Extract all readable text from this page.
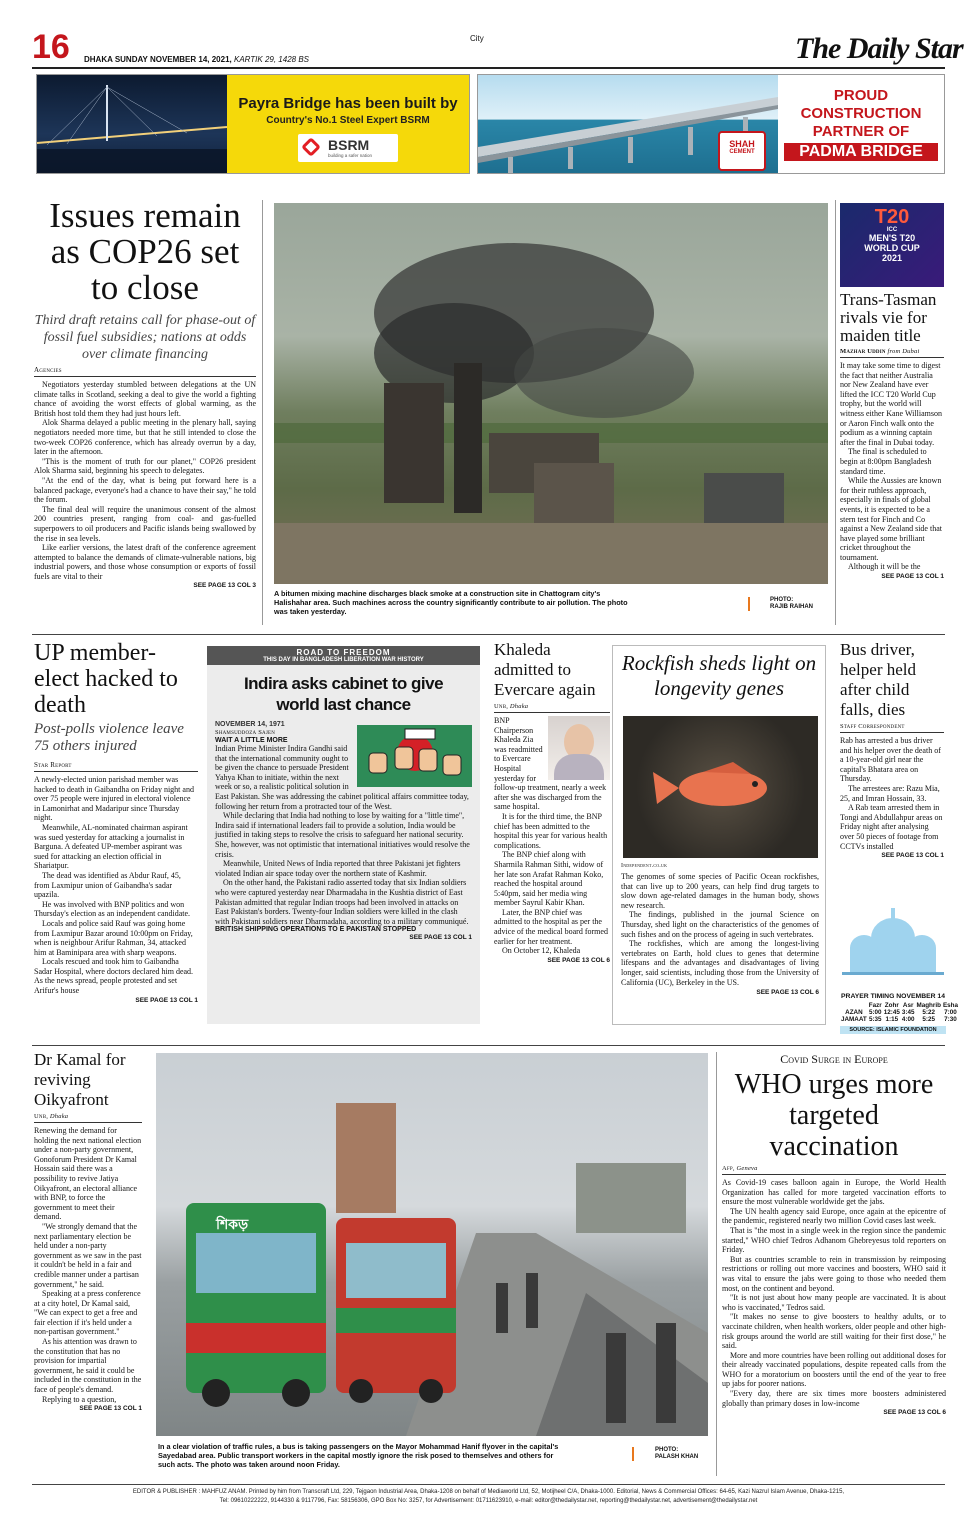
16 DHAKA SUNDAY NOVEMBER 14, 2021, KARTIK 29, 1428 BS
City	The Daily Star
Payra Bridge has been built by
Country's No.1 Steel Expert BSRM
BSRM
building a safer nation
SHAH
CEMENT
PROUD
CONSTRUCTION
PARTNER OF
PADMA BRIDGE
Issues remain as COP26 set to close
Third draft retains call for phase-out of fossil fuel subsidies; nations at odds over climate financing
Agencies

Negotiators yesterday stumbled between delegations at the UN climate talks in Scotland, seeking a deal to give the world a fighting chance of avoiding the worst effects of global warming, as the British host told them they had just hours left.

Alok Sharma delayed a public meeting in the plenary hall, saying negotiators needed more time, but that he still intended to close the two-week COP26 conference, which has already overrun by a day, later in the afternoon.

"This is the moment of truth for our planet," COP26 president Alok Sharma said, beginning his speech to delegates.

"At the end of the day, what is being put forward here is a balanced package, everyone's had a chance to have their say," he told the forum.

The final deal will require the unanimous consent of the almost 200 countries present, ranging from coal- and gas-fuelled superpowers to oil producers and Pacific islands being swallowed by the rise in sea levels.

Like earlier versions, the latest draft of the conference agreement attempted to balance the demands of climate-vulnerable nations, big industrial powers, and those whose consumption or exports of fossil fuels are vital to their

SEE PAGE 13 COL 3
A bitumen mixing machine discharges black smoke at a construction site in Chattogram city's Halishahar area. Such machines across the country significantly contribute to air pollution. The photo was taken yesterday.
PHOTO:
RAJIB RAIHAN
T20
ICC
MEN'S T20
WORLD CUP
2021
Trans-Tasman rivals vie for maiden title
Mazhar Uddin from Dubai

It may take some time to digest the fact that neither Australia nor New Zealand have ever lifted the ICC T20 World Cup trophy, but the world will witness either Kane Williamson or Aaron Finch walk onto the podium as a winning captain after the final in Dubai today.

The final is scheduled to begin at 8:00pm Bangladesh standard time.

While the Aussies are known for their ruthless approach, especially in finals of global events, it is expected to be a stern test for Finch and Co against a New Zealand side that have played some brilliant cricket throughout the tournament.

Although it will be the

SEE PAGE 13 COL 1
UP member-elect hacked to death
Post-polls violence leave 75 others injured
Star Report

A newly-elected union parishad member was hacked to death in Gaibandha on Friday night and over 75 people were injured in electoral violence in Lamonirhat and Madaripur since Thursday night.

Meanwhile, AL-nominated chairman aspirant was sued yesterday for attacking a journalist in Barguna. A defeated UP-member aspirant was sued for attacking an election official in Shariatpur.

The dead was identified as Abdur Rauf, 45, from Laxmipur union of Gaibandha's sadar upazila.

He was involved with BNP politics and won Thursday's election as an independent candidate.

Locals and police said Rauf was going home from Laxmipur Bazar around 10:00pm on Friday, when is neighbour Arifur Rahman, 34, attacked him at Baminipara area with sharp weapons.

Locals rescued and took him to Gaibandha Sadar Hospital, where doctors declared him dead. As the news spread, people protested and set Arifur's house

SEE PAGE 13 COL 1
ROAD TO FREEDOM
THIS DAY IN BANGLADESH LIBERATION WAR HISTORY
Indira asks cabinet to give world last chance
NOVEMBER 14, 1971
Shamsuddoza Sajen
WAIT A LITTLE MORE

Indian Prime Minister Indira Gandhi said that the international community ought to be given the chance to persuade President Yahya Khan to initiate, within the next week or so, a realistic political solution in East Pakistan. She was addressing the cabinet political affairs committee today, following her return from a protracted tour of the West.

While declaring that India had nothing to lose by waiting for a "little time", Indira said if international leaders fail to provide a solution, India would be justified in taking steps to resolve the crisis to safeguard her national security. She, however, was not optimistic that international initiatives would resolve the crisis.

Meanwhile, United News of India reported that three Pakistani jet fighters violated Indian air space today over the northern state of Kashmir.

On the other hand, the Pakistani radio asserted today that six Indian soldiers who were captured yesterday near Dharmadaha in the Kushtia district of East Pakistan admitted that regular Indian troops had been involved in attacks on East Pakistan's borders. Twenty-four Indian soldiers were killed in the clash with Pakistani soldiers near Dharmadaha, according to a military communiqué.

BRITISH SHIPPING OPERATIONS TO E PAKISTAN STOPPED
SEE PAGE 13 COL 1
Khaleda admitted to Evercare again
Unb, Dhaka

BNP Chairperson Khaleda Zia was readmitted to Evercare Hospital yesterday for follow-up treatment, nearly a week after she was discharged from the same hospital.

It is for the third time, the BNP chief has been admitted to the hospital this year for various health complications.

The BNP chief along with Sharmila Rahman Sithi, widow of her late son Arafat Rahman Koko, reached the hospital around 5:40pm, said her media wing member Sayrul Kabir Khan.

Later, the BNP chief was admitted to the hospital as per the advice of the medical board formed earlier for her treatment.

On October 12, Khaleda

SEE PAGE 13 COL 6
Rockfish sheds light on longevity genes
Independent.co.uk

The genomes of some species of Pacific Ocean rockfishes, that can live up to 200 years, can help find drug targets to slow down age-related damages in the human body, shows new research.

The findings, published in the journal Science on Thursday, shed light on the characteristics of the genomes of such fishes and on the process of ageing in such vertebrates.

The rockfishes, which are among the longest-living vertebrates on Earth, hold clues to genes that determine lifespans and the advantages and disadvantages of living longer, said scientists, including those from the University of California (UC), Berkeley in the US.

SEE PAGE 13 COL 6
Bus driver, helper held after child falls, dies
Staff Correspondent

Rab has arrested a bus driver and his helper over the death of a 10-year-old girl near the capital's Bhatara area on Thursday.

The arrestees are: Razu Mia, 25, and Imran Hossain, 33.

A Rab team arrested them in Tongi and Abdullahpur areas on Friday night after analysing over 50 pieces of footage from CCTVs installed

SEE PAGE 13 COL 1
PRAYER TIMING NOVEMBER 14
	Fazr	Zohr	Asr	Maghrib	Esha
AZAN	5:00	12:45	3:45	5:22	7:00
JAMAAT	5:35	1:15	4:00	5:25	7:30
SOURCE: ISLAMIC FOUNDATION
Dr Kamal for reviving Oikyafront
Unb, Dhaka

Renewing the demand for holding the next national election under a non-party government, Gonoforum President Dr Kamal Hossain said there was a possibility to revive Jatiya Oikyafront, an electoral alliance with BNP, to force the government to meet their demand.

"We strongly demand that the next parliamentary election be held under a non-party government as we saw in the past it couldn't be held in a fair and credible manner under a partisan government," he said.

Speaking at a press conference at a city hotel, Dr Kamal said, "We can expect to get a free and fair election if it's held under a non-partisan government."

As his attention was drawn to the constitution that has no provision for impartial government, he said it could be included in the constitution in the face of people's demand.

Replying to a question,

SEE PAGE 13 COL 1
শিকড়
In a clear violation of traffic rules, a bus is taking passengers on the Mayor Mohammad Hanif flyover in the capital's Sayedabad area. Public transport workers in the capital mostly ignore the risk posed to themselves and others for such acts. The photo was taken around noon Friday.
PHOTO:
PALASH KHAN
Covid Surge in Europe
WHO urges more targeted vaccination
Afp, Geneva

As Covid-19 cases balloon again in Europe, the World Health Organization has called for more targeted vaccination efforts to ensure the most vulnerable worldwide get the jabs.

The UN health agency said Europe, once again at the epicentre of the pandemic, registered nearly two million Covid cases last week.

That is "the most in a single week in the region since the pandemic started," WHO chief Tedros Adhanom Ghebreyesus told reporters on Friday.

But as countries scramble to rein in transmission by reimposing restrictions or rolling out more vaccines and boosters, WHO said it was vital to ensure the jabs were going to those who needed them most, on the continent and beyond.

"It is not just about how many people are vaccinated. It is about who is vaccinated," Tedros said.

"It makes no sense to give boosters to healthy adults, or to vaccinate children, when health workers, older people and other high-risk groups around the world are still waiting for their first dose," he said.

More and more countries have been rolling out additional doses for their already vaccinated populations, despite repeated calls from the WHO for a moratorium on boosters until the end of the year to free up jabs for poorer nations.

"Every day, there are six times more boosters administered globally than primary doses in low-income

SEE PAGE 13 COL 6
EDITOR & PUBLISHER : MAHFUZ ANAM. Printed by him from Transcraft Ltd, 229, Tejgaon Industrial Area, Dhaka-1208 on behalf of Mediaworld Ltd, 52, Motijheel C/A, Dhaka-1000. Editorial, News & Commercial Offices: 64-65, Kazi Nazrul Islam Avenue, Dhaka-1215,
Tel: 09610222222, 9144330 & 9117796, Fax: 58156306, GPO Box No: 3257, for Advertisement: 01711623910, e-mail: editor@thedailystar.net, reporting@thedailystar.net, advertisement@thedailystar.net
